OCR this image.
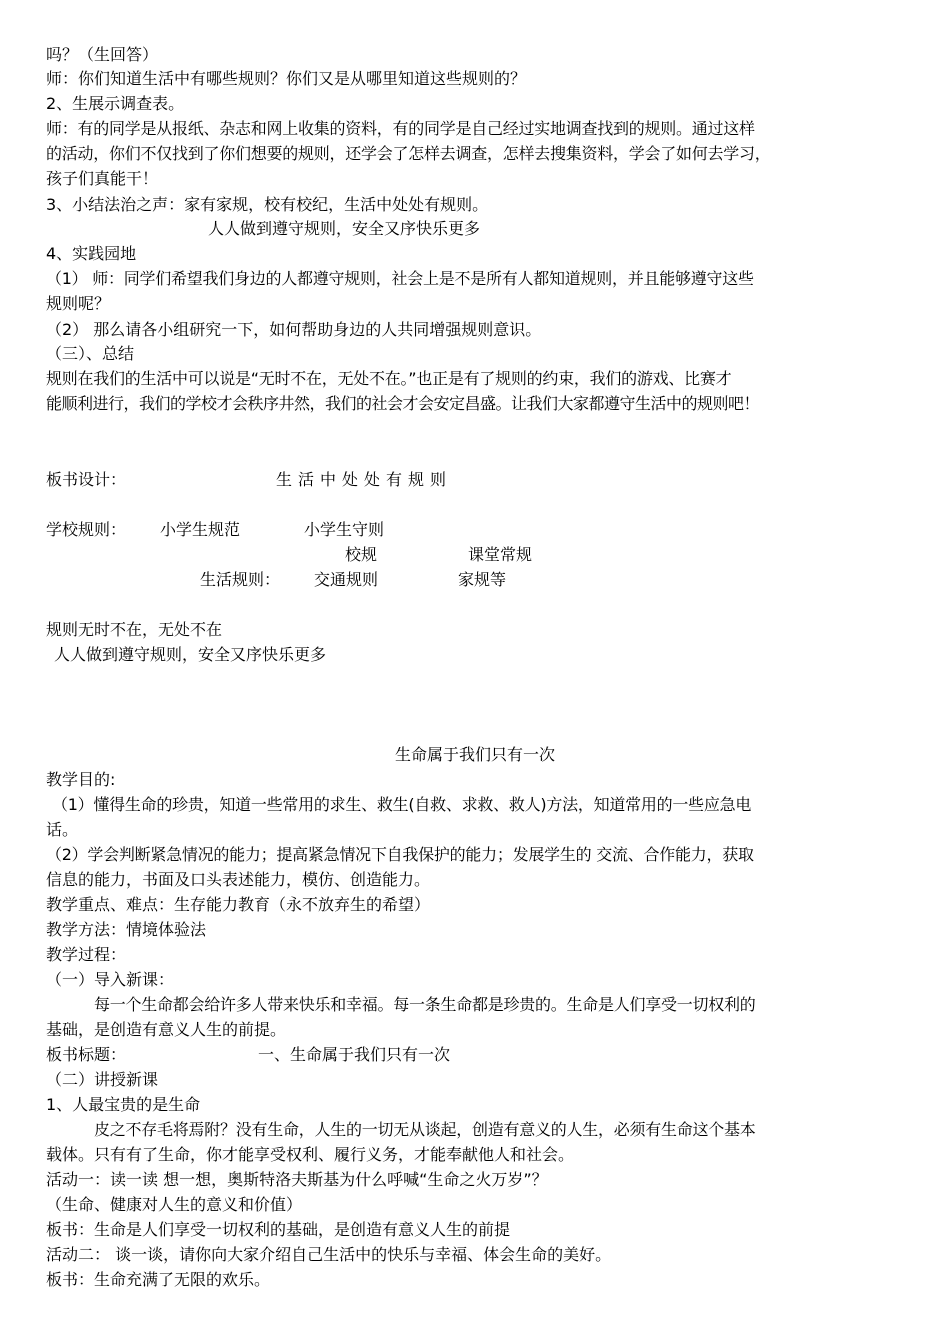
吗？（生回答）
师：你们知道生活中有哪些规则？你们又是从哪里知道这些规则的？
2、生展示调查表。
师：有的同学是从报纸、杂志和网上收集的资料，有的同学是自己经过实地调查找到的规则。通过这样
的活动，你们不仅找到了你们想要的规则，还学会了怎样去调查，怎样去搜集资料，学会了如何去学习，
孩子们真能干！
3、小结法治之声：家有家规，校有校纪，生活中处处有规则。
人人做到遵守规则，安全又序快乐更多
4、实践园地
（1） 师：同学们希望我们身边的人都遵守规则，社会上是不是所有人都知道规则，并且能够遵守这些
规则呢？
（2） 那么请各小组研究一下，如何帮助身边的人共同增强规则意识。
（三）、总结
规则在我们的生活中可以说是“无时不在，无处不在。”也正是有了规则的约束，我们的游戏、比赛才
能顺利进行，我们的学校才会秩序井然，我们的社会才会安定昌盛。让我们大家都遵守生活中的规则吧！
板书设计：	生活中处处有规则
学校规则： 小学生规范	小学生守则
校规	课堂常规
生活规则： 交通规则	家规等
规则无时不在，无处不在
人人做到遵守规则，安全又序快乐更多
生命属于我们只有一次
教学目的:
（1）懂得生命的珍贵，知道一些常用的求生、救生(自救、求救、救人)方法，知道常用的一些应急电
话。
（2）学会判断紧急情况的能力；提高紧急情况下自我保护的能力；发展学生的 交流、合作能力，获取
信息的能力，书面及口头表述能力，模仿、创造能力。
教学重点、难点：生存能力教育（永不放弃生的希望）
教学方法：情境体验法
教学过程：
（一）导入新课：
每一个生命都会给许多人带来快乐和幸福。每一条生命都是珍贵的。生命是人们享受一切权利的
基础，是创造有意义人生的前提。
板书标题：	一、生命属于我们只有一次
（二）讲授新课
1、人最宝贵的是生命
皮之不存毛将焉附？没有生命，人生的一切无从谈起，创造有意义的人生，必须有生命这个基本
载体。只有有了生命，你才能享受权利、履行义务，才能奉献他人和社会。
活动一：读一读 想一想，奥斯特洛夫斯基为什么呼喊“生命之火万岁”？
（生命、健康对人生的意义和价值）
板书：生命是人们享受一切权利的基础，是创造有意义人生的前提
活动二： 谈一谈，请你向大家介绍自己生活中的快乐与幸福、体会生命的美好。
板书：生命充满了无限的欢乐。
